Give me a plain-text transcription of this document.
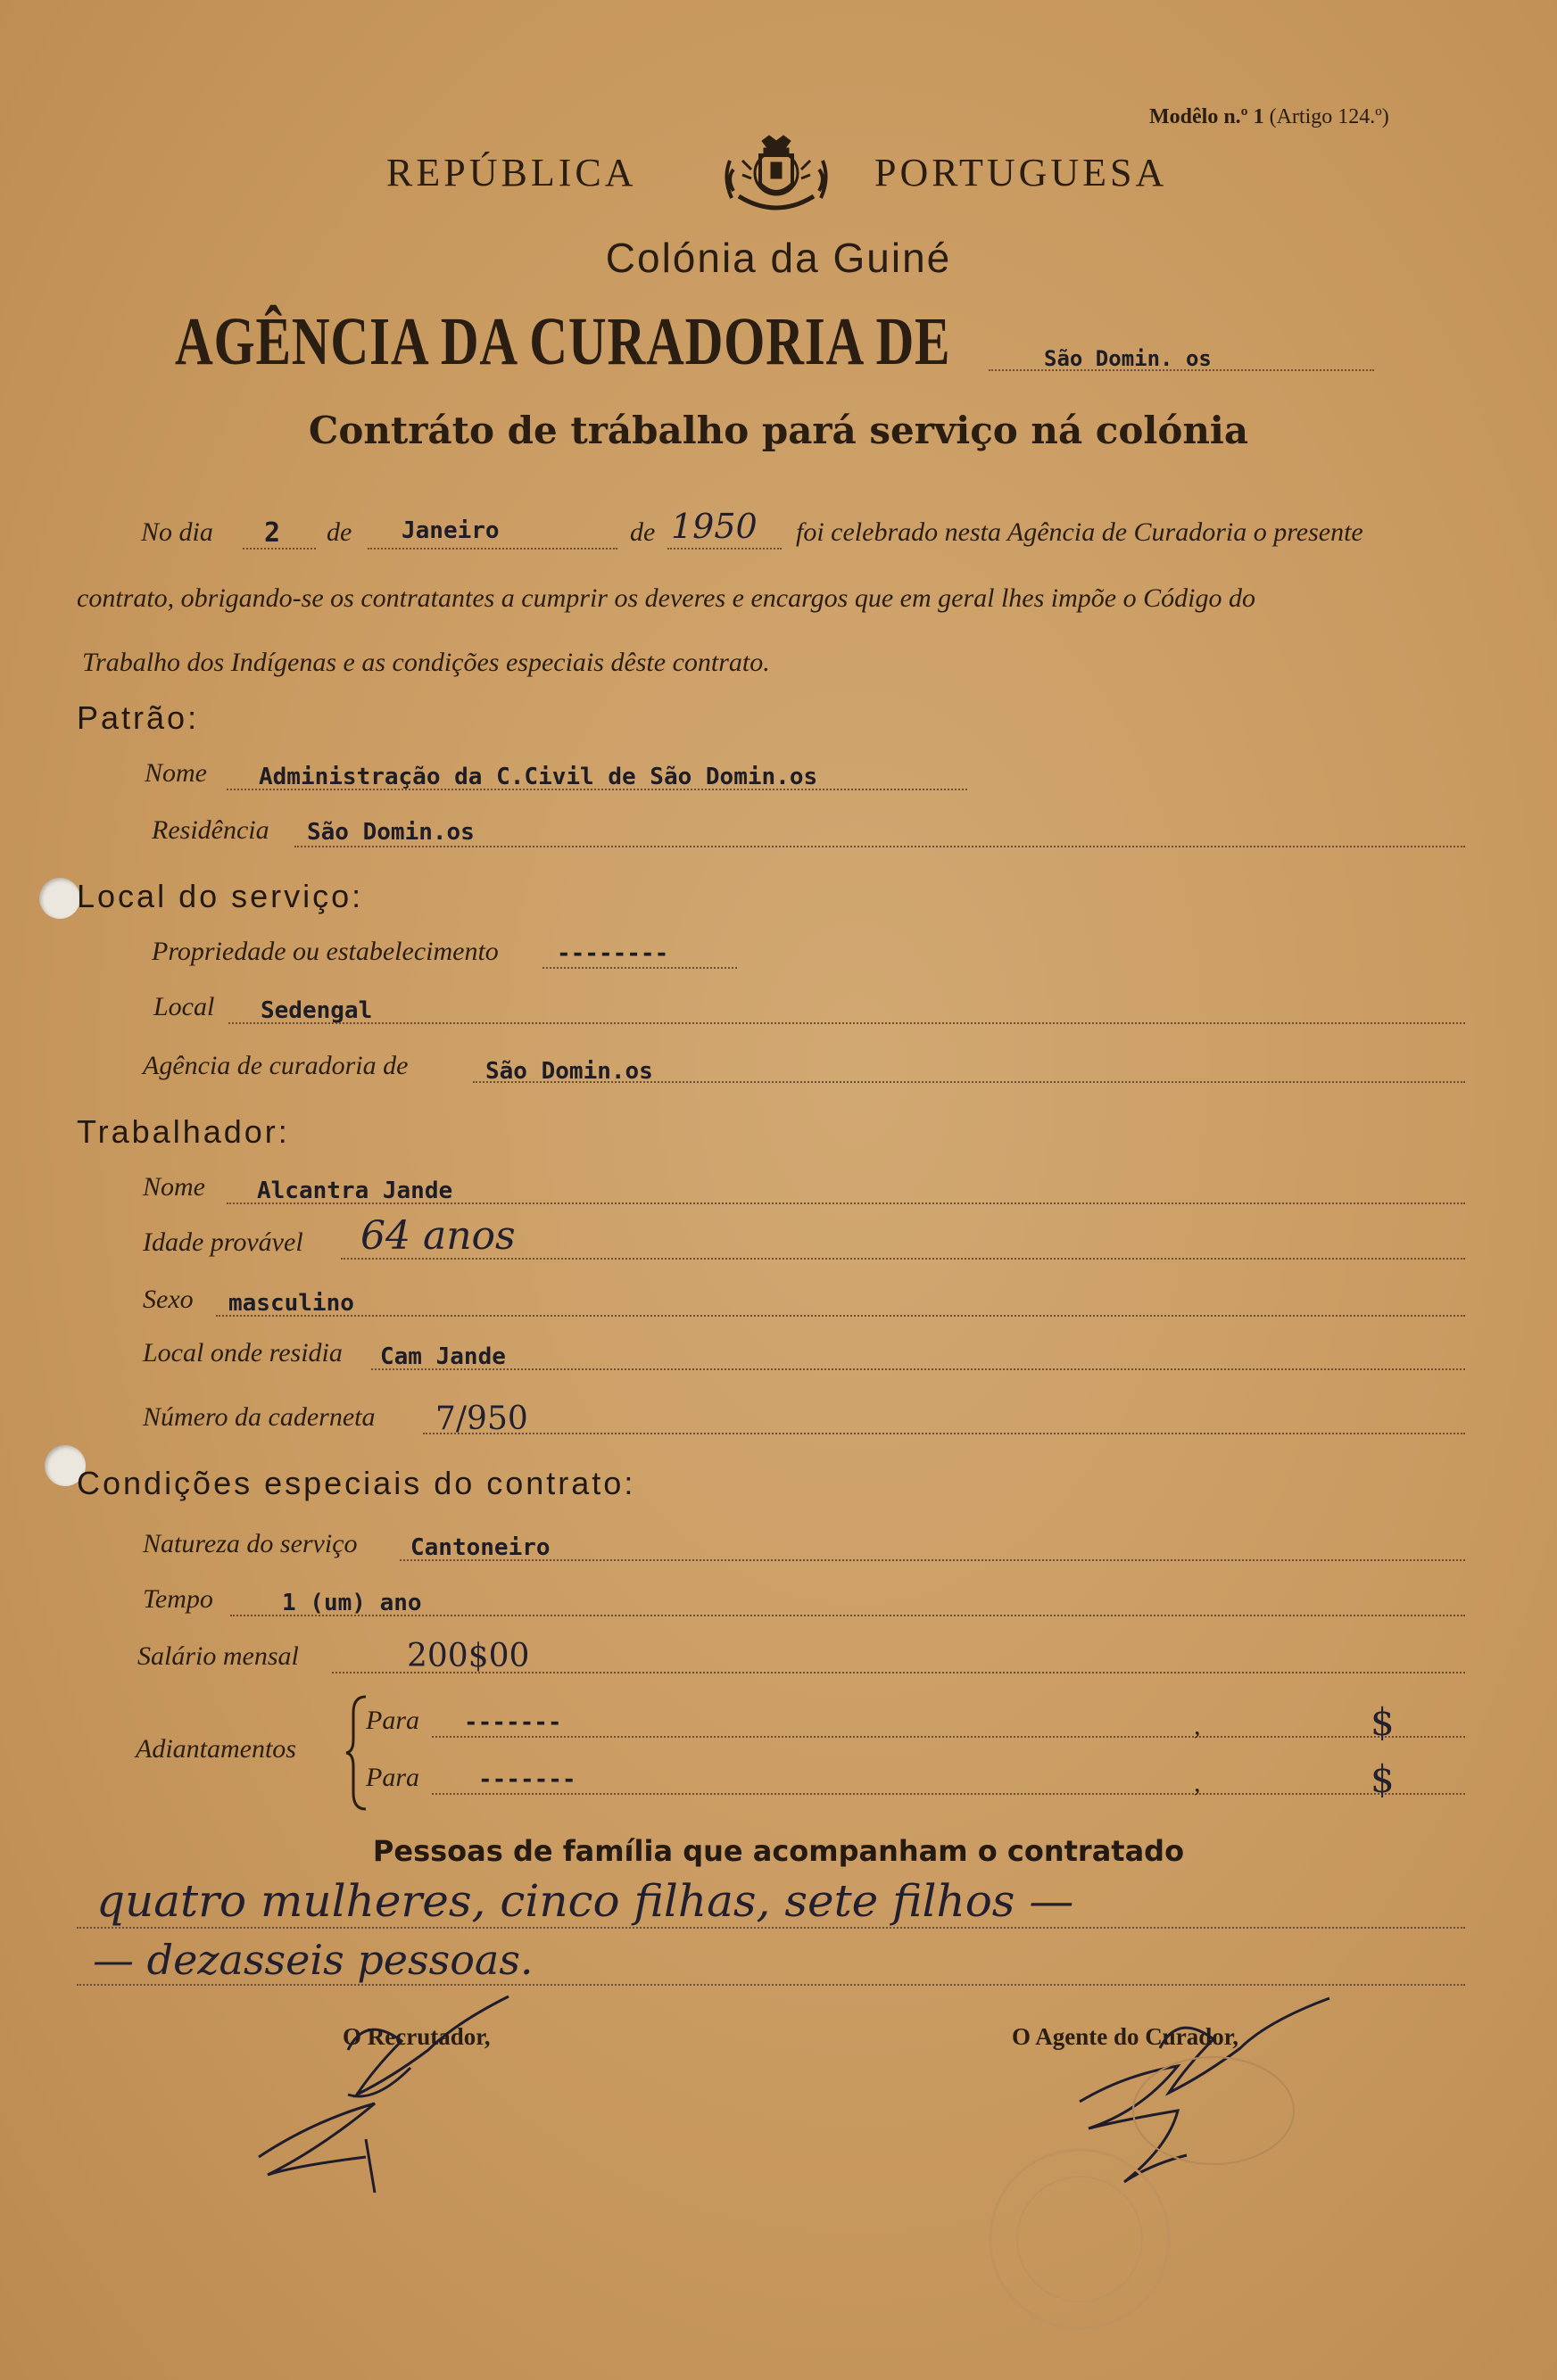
Modêlo n.º 1 (Artigo 124.º)
REPÚBLICA	PORTUGUESA
Colónia da Guiné
AGÊNCIA DA CURADORIA DE	São Domin. os
Contráto de trábalho pará serviço ná colónia
No dia 2 de Janeiro	de 1950 foi celebrado nesta Agência de Curadoria o presente
contrato, obrigando-se os contratantes a cumprir os deveres e encargos que em geral lhes impõe o Código do
Trabalho dos Indígenas e as condições especiais dêste contrato.
Patrão:
Nome Administração da C.Civil de São Domin.os
Residência São Domin.os
Local do serviço:
Propriedade ou estabelecimento	--------
Local Sedengal
Agência de curadoria de	São Domin.os
Trabalhador:
Nome Alcantra Jande
Idade provável 64 anos
Sexo masculino
Local onde residia Cam Jande
Número da caderneta 7/950
Condições especiais do contrato:
Natureza do serviço Cantoneiro
Tempo	1 (um) ano
Salário mensal	200$00
Adiantamentos
Para -------	,	$
Para	-------	,	$
Pessoas de família que acompanham o contratado
quatro mulheres, cinco filhas, sete filhos —
— dezasseis pessoas.
O Recrutador,	O Agente do Curador,
